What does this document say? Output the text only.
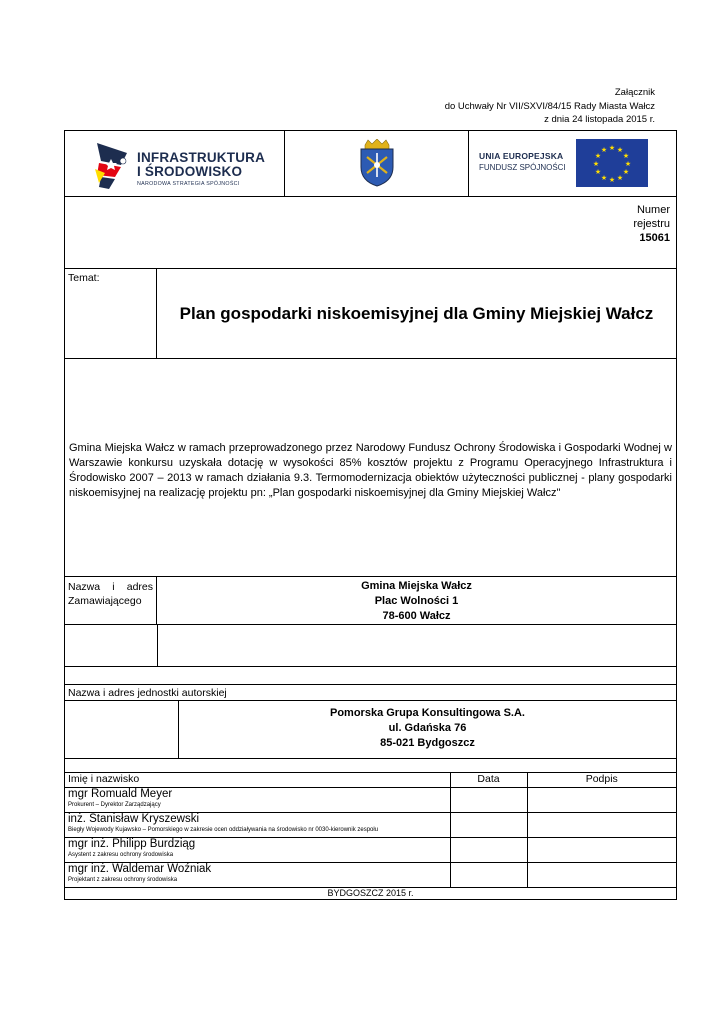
Załącznik
do Uchwały Nr VII/SXVI/84/15 Rady Miasta Wałcz
z dnia 24 listopada 2015 r.
INFRASTRUKTURA
I ŚRODOWISKO
NARODOWA STRATEGIA SPÓJNOŚCI
UNIA EUROPEJSKA
FUNDUSZ SPÓJNOŚCI
★ ★
★
★
★
★
★
★
★
★
★
★
Numer
rejestru
15061
Temat:
Plan gospodarki niskoemisyjnej dla Gminy Miejskiej Wałcz

Gmina Miejska Wałcz w ramach przeprowadzonego przez Narodowy Fundusz Ochrony Środowiska i Gospodarki Wodnej w Warszawie konkursu uzyskała dotację w wysokości 85% kosztów projektu z Programu Operacyjnego Infrastruktura i Środowisko 2007 – 2013 w ramach działania 9.3. Termomodernizacja obiektów użyteczności publicznej - plany gospodarki niskoemisyjnej na realizację projektu pn: „Plan gospodarki niskoemisyjnej dla Gminy Miejskiej Wałcz"

Nazwa i adres
Zamawiającego
Gmina Miejska Wałcz
Plac Wolności 1
78-600 Wałcz
Nazwa i adres jednostki autorskiej
Pomorska Grupa Konsultingowa S.A.
ul. Gdańska 76
85-021 Bydgoszcz
Imię i nazwisko	Data	Podpis

mgr Romuald Meyer
Prokurent – Dyrektor Zarządzający		

inż. Stanisław Kryszewski
Biegły Wojewody Kujawsko – Pomorskiego w zakresie ocen oddziaływania na środowisko nr 0030-kierownik zespołu		

mgr inż. Philipp Burdziąg
Asystent z zakresu ochrony środowiska		

mgr inż. Waldemar Woźniak
Projektant z zakresu ochrony środowiska		

BYDGOSZCZ 2015 r.
